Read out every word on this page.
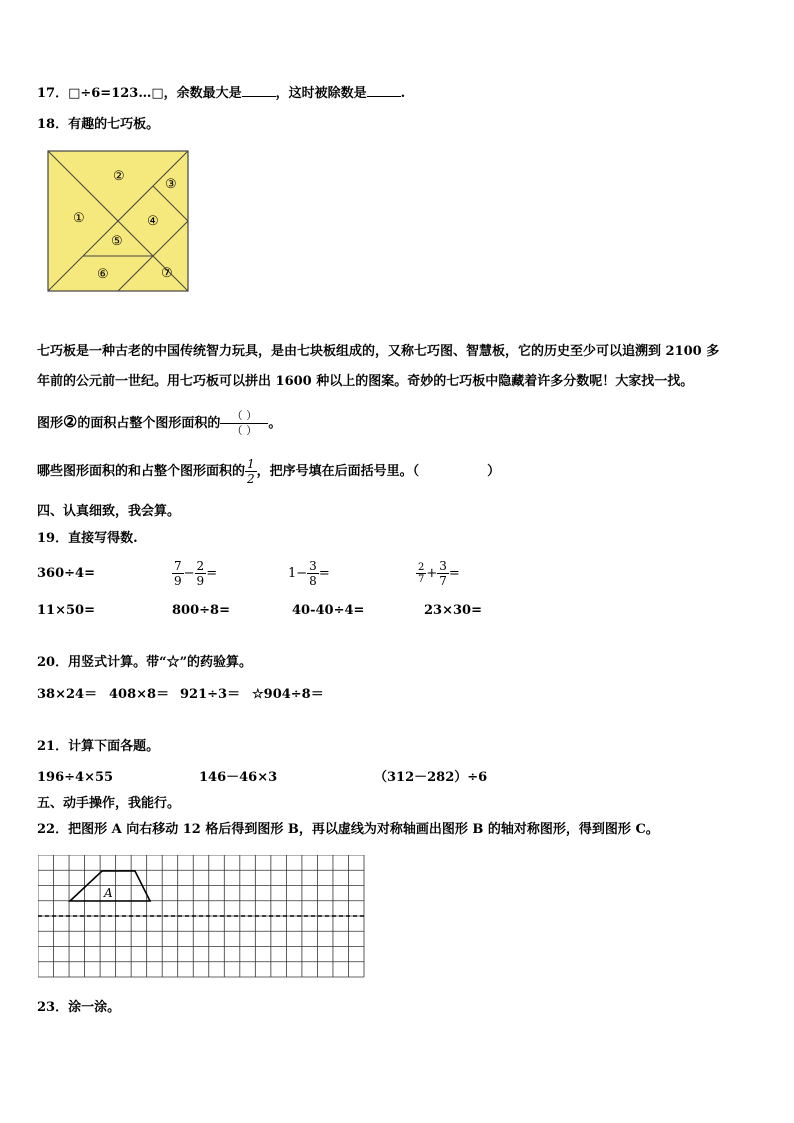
17．□÷6=123…□，余数最大是	，这时被除数是	.
18．有趣的七巧板。
①
②
③
④
⑤
⑥	⑦
七巧板是一种古老的中国传统智力玩具，是由七块板组成的，又称七巧图、智慧板，它的历史至少可以追溯到 2100 多
年前的公元前一世纪。用七巧板可以拼出 1600 种以上的图案。奇妙的七巧板中隐藏着许多分数呢！大家找一找。
图形②的面积占整个图形面积的 $\frac{( )}{( )}$ 。
哪些图形面积的和占整个图形面积的 $\frac{1}{2}$ ，把序号填在后面括号里。（	）
四、认真细致，我会算。
19．直接写得数.
360÷4=	$\frac{7}{9} - \frac{2}{9}$ =	$1- \frac{3}{8}$ =	$\frac{2}{7} + \frac{3}{7}$ =
11×50=	800÷8=	40-40÷4=	23×30=
20．用竖式计算。带“☆”的药验算。
38×24＝ 408×8＝ 921÷3＝ ☆904÷8＝
21．计算下面各题。
196÷4×55	146－46×3	（312－282）÷6
五、动手操作，我能行。
22．把图形 A 向右移动 12 格后得到图形 B，再以虚线为对称轴画出图形 B 的轴对称图形，得到图形 C。
A
23．涂一涂。
